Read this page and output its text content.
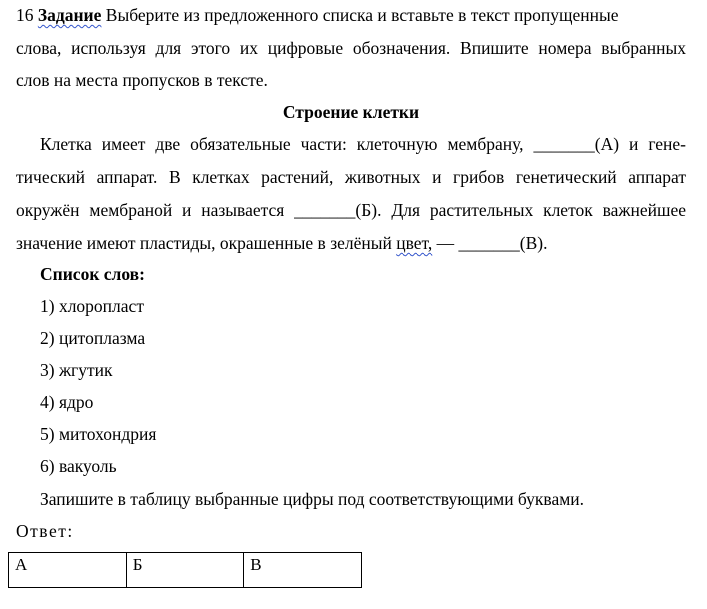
16 Задание Выберите из предложенного списка и вставьте в текст пропущенные
слова, используя для этого их цифровые обозначения. Впишите номера выбранных
слов на места пропусков в тексте.
Строение клетки
Клетка имеет две обязательные части: клеточную мембрану, _______(А) и гене-
тический аппарат. В клетках растений, животных и грибов генетический аппарат
окружён мембраной и называется _______(Б). Для растительных клеток важнейшее
значение имеют пластиды, окрашенные в зелёный цвет, — _______(В).
Список слов:
1) хлоропласт
2) цитоплазма
3) жгутик
4) ядро
5) митохондрия
6) вакуоль
Запишите в таблицу выбранные цифры под соответствующими буквами.
Ответ:
А	Б	В
